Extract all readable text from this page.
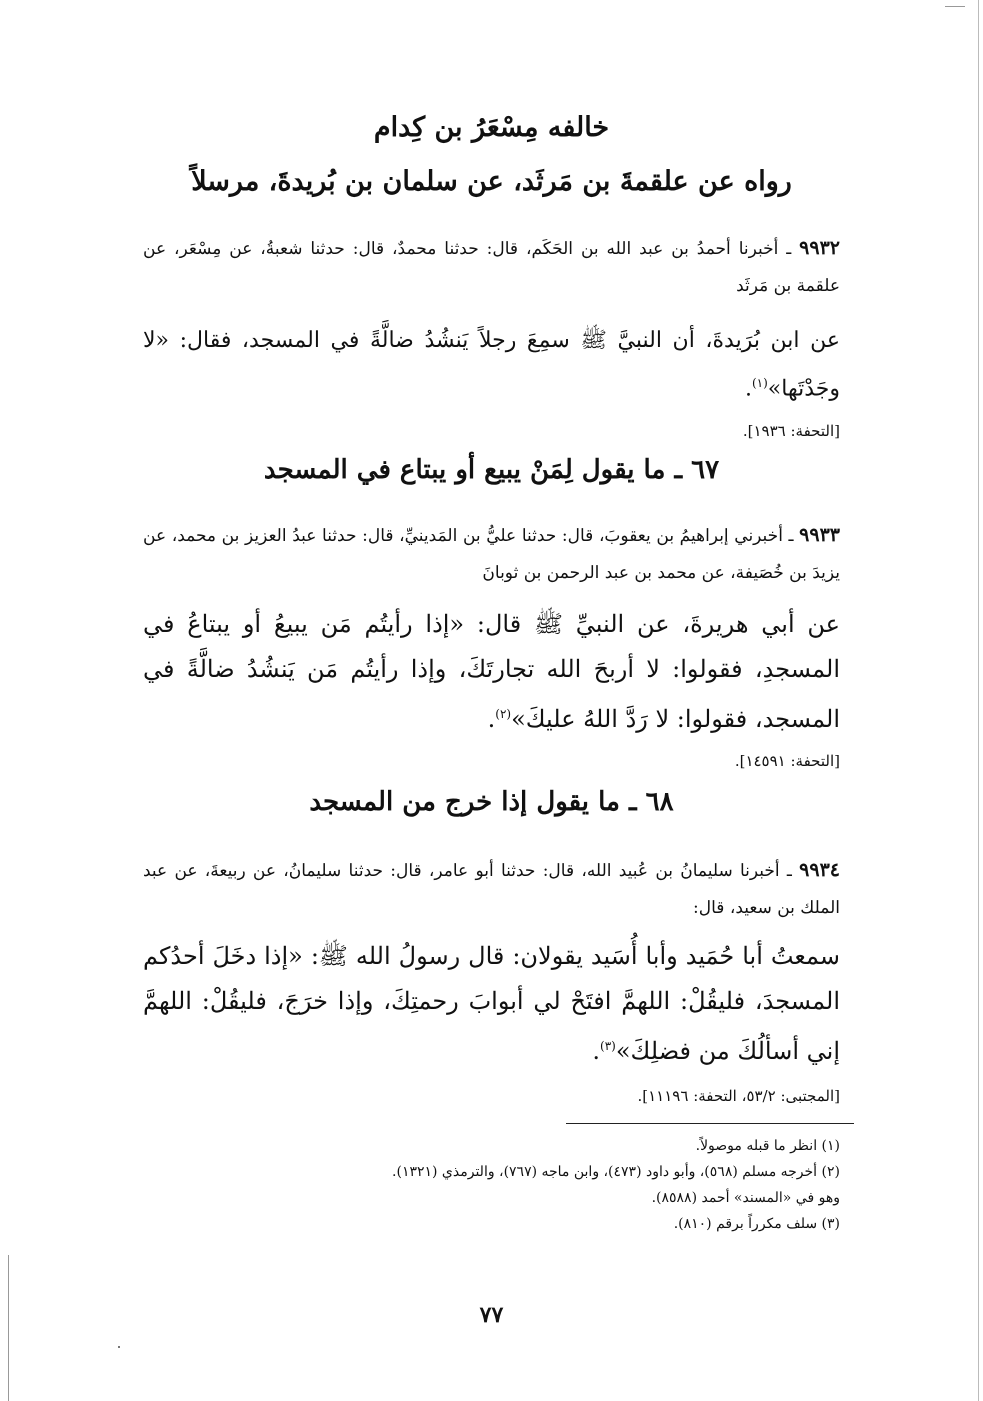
خالفه مِسْعَرُ بن كِدام
رواه عن علقمةَ بن مَرثَد، عن سلمان بن بُريدةَ، مرسلاً
٩٩٣٢ ـ أخبرنا أحمدُ بن عبد الله بن الحَكَم، قال: حدثنا محمدٌ، قال: حدثنا شعبةُ، عن مِسْعَر، عن علقمة بن مَرثَد
عن ابن بُرَيدةَ، أن النبيَّ ﷺ سمِعَ رجلاً يَنشُدُ ضالَّةً في المسجد، فقال: «لا وجَدْتَها»$^{(١)}$.
[التحفة: ١٩٣٦].
٦٧ ـ ما يقول لِمَنْ يبيع أو يبتاع في المسجد
٩٩٣٣ ـ أخبرني إبراهيمُ بن يعقوبَ، قال: حدثنا عليُّ بن المَدينيِّ، قال: حدثنا عبدُ العزيز بن محمد، عن يزيدَ بن خُصَيفة، عن محمد بن عبد الرحمن بن ثوبانَ
عن أبي هريرةَ، عن النبيِّ ﷺ قال: «إذا رأيتُم مَن يبيعُ أو يبتاعُ في المسجدِ، فقولوا: لا أربحَ الله تجارتَكَ، وإذا رأيتُم مَن يَنشُدُ ضالَّةً في المسجد، فقولوا: لا رَدَّ اللهُ عليكَ»$^{(٢)}$.
[التحفة: ١٤٥٩١].
٦٨ ـ ما يقول إذا خرج من المسجد
٩٩٣٤ ـ أخبرنا سليمانُ بن عُبيد الله، قال: حدثنا أبو عامر، قال: حدثنا سليمانُ، عن ربيعةَ، عن عبد الملك بن سعيد، قال:
سمعتُ أبا حُمَيد وأبا أُسَيد يقولان: قال رسولُ الله ﷺ: «إذا دخَلَ أحدُكم المسجدَ، فليقُلْ: اللهمَّ افتَحْ لي أبوابَ رحمتِكَ، وإذا خرَجَ، فليقُلْ: اللهمَّ إني أسألُكَ من فضلِكَ»$^{(٣)}$.
[المجتبى: ٥٣/٢، التحفة: ١١١٩٦].
(١) انظر ما قبله موصولاً.
(٢) أخرجه مسلم (٥٦٨)، وأبو داود (٤٧٣)، وابن ماجه (٧٦٧)، والترمذي (١٣٢١).
وهو في «المسند» أحمد (٨٥٨٨).
(٣) سلف مكرراً برقم (٨١٠).
٧٧
